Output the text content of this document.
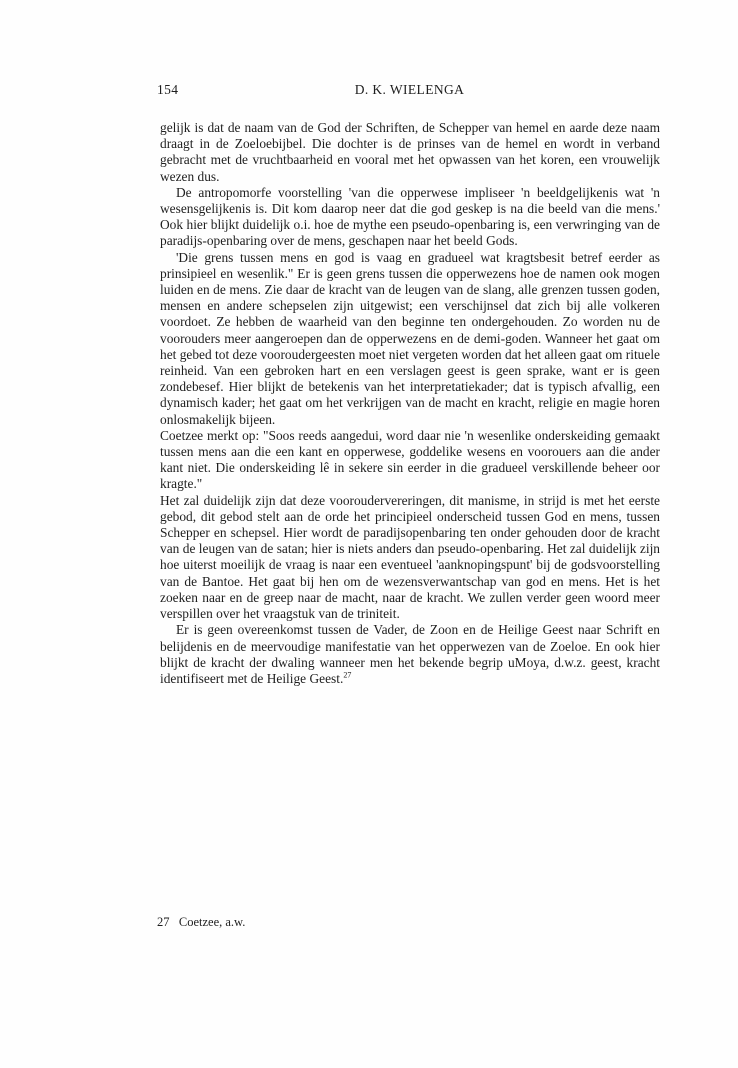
154	D. K. WIELENGA

gelijk is dat de naam van de God der Schriften, de Schepper van hemel en aarde deze naam draagt in de Zoeloebijbel. Die dochter is de prinses van de hemel en wordt in verband gebracht met de vruchtbaarheid en vooral met het opwassen van het koren, een vrouwelijk wezen dus.

De antropomorfe voorstelling 'van die opperwese impliseer 'n beeldgelijkenis wat 'n wesensgelijkenis is. Dit kom daarop neer dat die god geskep is na die beeld van die mens.' Ook hier blijkt duidelijk o.i. hoe de mythe een pseudo-openbaring is, een verwringing van de paradijs-openbaring over de mens, geschapen naar het beeld Gods.

'Die grens tussen mens en god is vaag en gradueel wat kragtsbesit betref eerder as prinsipieel en wesenlik." Er is geen grens tussen die opperwezens hoe de namen ook mogen luiden en de mens. Zie daar de kracht van de leugen van de slang, alle grenzen tussen goden, mensen en andere schepselen zijn uitgewist; een verschijnsel dat zich bij alle volkeren voordoet. Ze hebben de waarheid van den beginne ten ondergehouden. Zo worden nu de voorouders meer aangeroepen dan de opperwezens en de demi-goden. Wanneer het gaat om het gebed tot deze vooroudergeesten moet niet vergeten worden dat het alleen gaat om rituele reinheid. Van een gebroken hart en een verslagen geest is geen sprake, want er is geen zondebesef. Hier blijkt de betekenis van het interpretatiekader; dat is typisch afvallig, een dynamisch kader; het gaat om het verkrijgen van de macht en kracht, religie en magie horen onlosmakelijk bijeen.

Coetzee merkt op: "Soos reeds aangedui, word daar nie 'n wesenlike onderskeiding gemaakt tussen mens aan die een kant en opperwese, goddelike wesens en voorouers aan die ander kant niet. Die onderskeiding lê in sekere sin eerder in die gradueel verskillende beheer oor kragte."

Het zal duidelijk zijn dat deze vooroudervereringen, dit manisme, in strijd is met het eerste gebod, dit gebod stelt aan de orde het principieel onderscheid tussen God en mens, tussen Schepper en schepsel. Hier wordt de paradijsopenbaring ten onder gehouden door de kracht van de leugen van de satan; hier is niets anders dan pseudo-openbaring. Het zal duidelijk zijn hoe uiterst moeilijk de vraag is naar een eventueel 'aanknopingspunt' bij de godsvoorstelling van de Bantoe. Het gaat bij hen om de wezensverwantschap van god en mens. Het is het zoeken naar en de greep naar de macht, naar de kracht. We zullen verder geen woord meer verspillen over het vraagstuk van de triniteit.

Er is geen overeenkomst tussen de Vader, de Zoon en de Heilige Geest naar Schrift en belijdenis en de meervoudige manifestatie van het opperwezen van de Zoeloe. En ook hier blijkt de kracht der dwaling wanneer men het bekende begrip uMoya, d.w.z. geest, kracht identifiseert met de Heilige Geest.$^{27}$

27   Coetzee, a.w.
